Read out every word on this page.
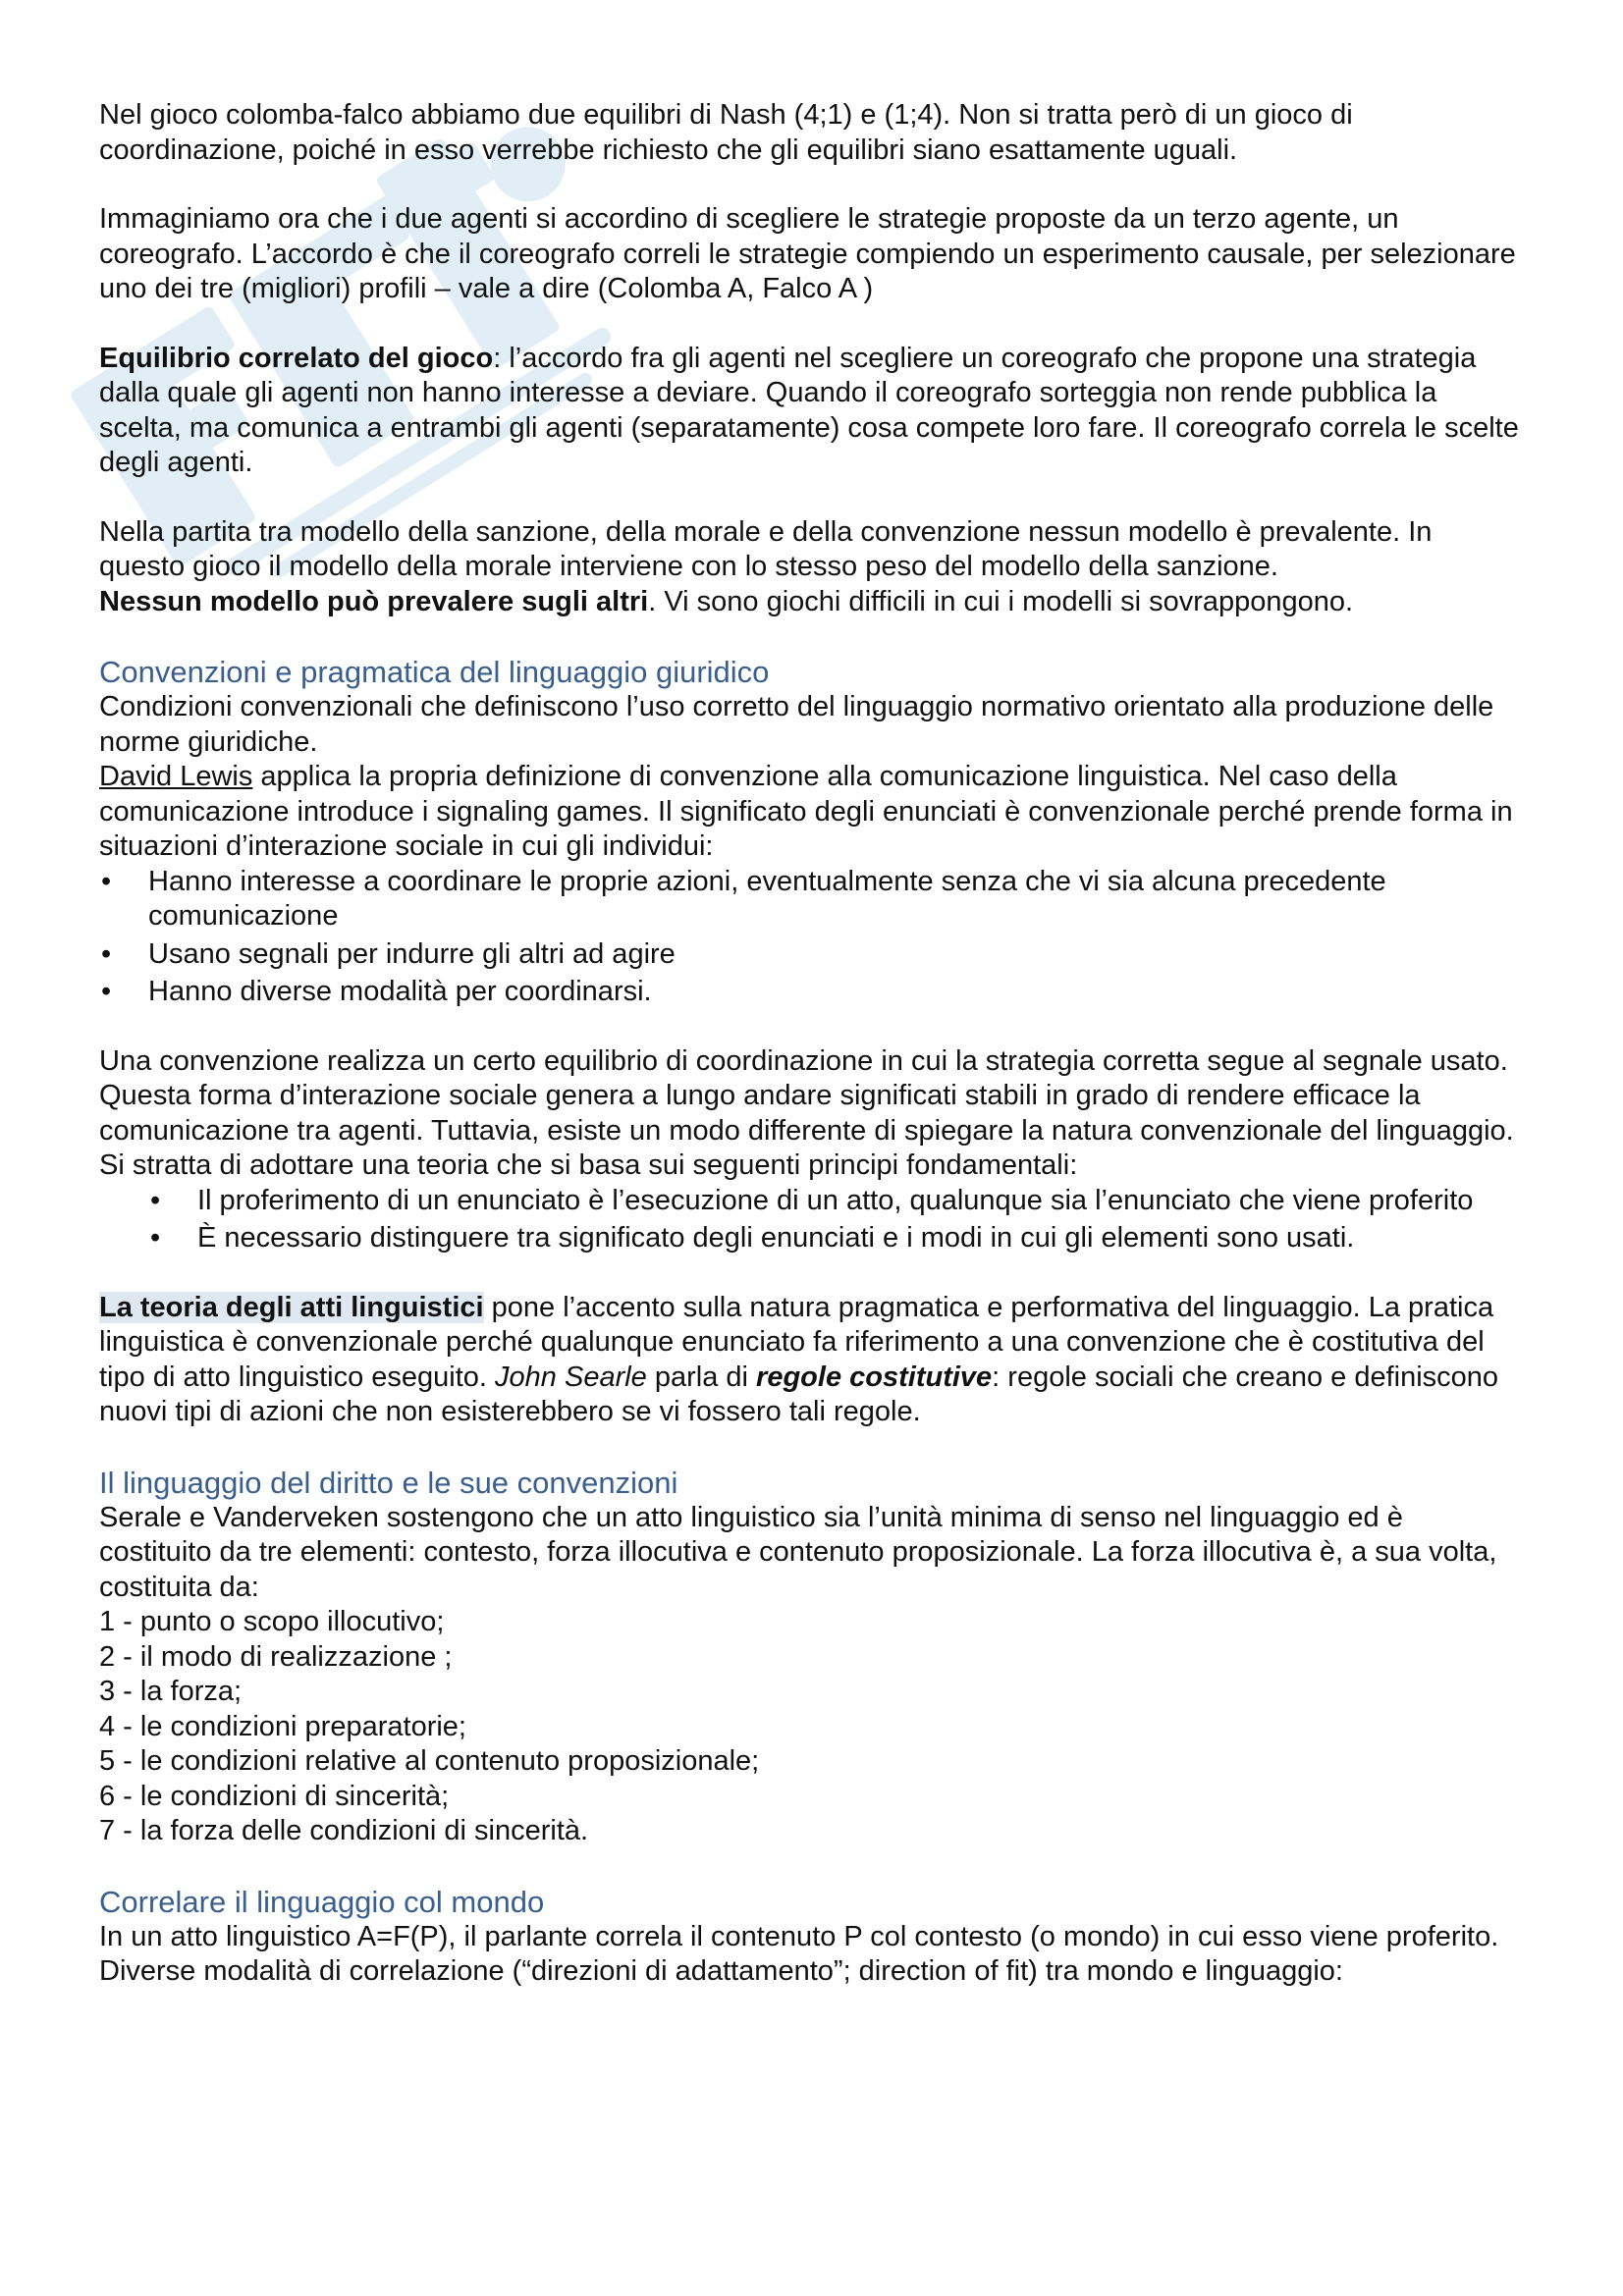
Nel gioco colomba-falco abbiamo due equilibri di Nash (4;1) e (1;4). Non si tratta però di un gioco di coordinazione, poiché in esso verrebbe richiesto che gli equilibri siano esattamente uguali.

Immaginiamo ora che i due agenti si accordino di scegliere le strategie proposte da un terzo agente, un coreografo. L’accordo è che il coreografo correli le strategie compiendo un esperimento causale, per selezionare uno dei tre (migliori) profili – vale a dire (Colomba A, Falco A )

Equilibrio correlato del gioco: l’accordo fra gli agenti nel scegliere un coreografo che propone una strategia dalla quale gli agenti non hanno interesse a deviare. Quando il coreografo sorteggia non rende pubblica la scelta, ma comunica a entrambi gli agenti (separatamente) cosa compete loro fare. Il coreografo correla le scelte degli agenti.

Nella partita tra modello della sanzione, della morale e della convenzione nessun modello è prevalente. In questo gioco il modello della morale interviene con lo stesso peso del modello della sanzione.
Nessun modello può prevalere sugli altri. Vi sono giochi difficili in cui i modelli si sovrappongono.

Convenzioni e pragmatica del linguaggio giuridico

Condizioni convenzionali che definiscono l’uso corretto del linguaggio normativo orientato alla produzione delle norme giuridiche.

David Lewis applica la propria definizione di convenzione alla comunicazione linguistica. Nel caso della comunicazione introduce i signaling games. Il significato degli enunciati è convenzionale perché prende forma in situazioni d’interazione sociale in cui gli individui:

• Hanno interesse a coordinare le proprie azioni, eventualmente senza che vi sia alcuna precedente comunicazione
• Usano segnali per indurre gli altri ad agire
• Hanno diverse modalità per coordinarsi.

Una convenzione realizza un certo equilibrio di coordinazione in cui la strategia corretta segue al segnale usato. Questa forma d’interazione sociale genera a lungo andare significati stabili in grado di rendere efficace la comunicazione tra agenti. Tuttavia, esiste un modo differente di spiegare la natura convenzionale del linguaggio. Si stratta di adottare una teoria che si basa sui seguenti principi fondamentali:

• Il proferimento di un enunciato è l’esecuzione di un atto, qualunque sia l’enunciato che viene proferito
• È necessario distinguere tra significato degli enunciati e i modi in cui gli elementi sono usati.

La teoria degli atti linguistici pone l’accento sulla natura pragmatica e performativa del linguaggio. La pratica linguistica è convenzionale perché qualunque enunciato fa riferimento a una convenzione che è costitutiva del tipo di atto linguistico eseguito. John Searle parla di regole costitutive: regole sociali che creano e definiscono nuovi tipi di azioni che non esisterebbero se vi fossero tali regole.

Il linguaggio del diritto e le sue convenzioni

Serale e Vanderveken sostengono che un atto linguistico sia l’unità minima di senso nel linguaggio ed è costituito da tre elementi: contesto, forza illocutiva e contenuto proposizionale. La forza illocutiva è, a sua volta, costituita da:

1 - punto o scopo illocutivo;

2 - il modo di realizzazione ;

3 - la forza;

4 - le condizioni preparatorie;

5 - le condizioni relative al contenuto proposizionale;

6 - le condizioni di sincerità;

7 - la forza delle condizioni di sincerità.

Correlare il linguaggio col mondo

In un atto linguistico A=F(P), il parlante correla il contenuto P col contesto (o mondo) in cui esso viene proferito.

Diverse modalità di correlazione (“direzioni di adattamento”; direction of fit) tra mondo e linguaggio:
